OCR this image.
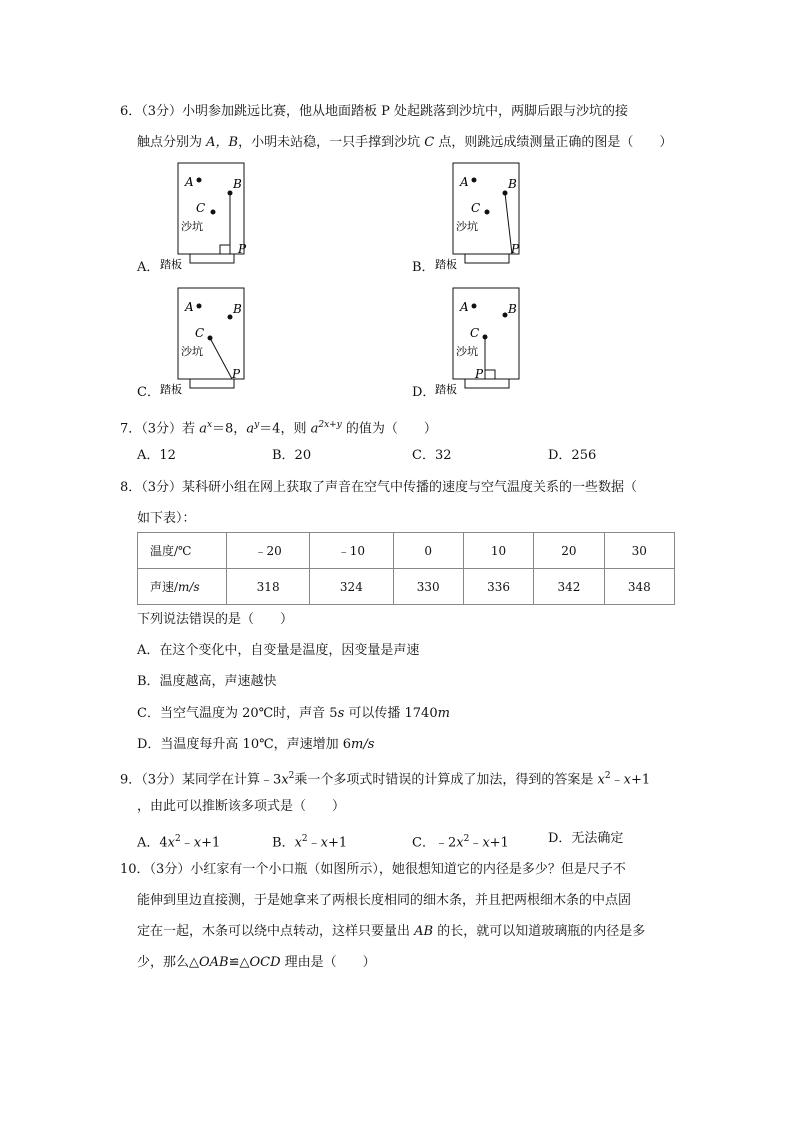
6．（3分）小明参加跳远比赛，他从地面踏板 P 处起跳落到沙坑中，两脚后跟与沙坑的接
触点分别为 A，B，小明未站稳，一只手撑到沙坑 C 点，则跳远成绩测量正确的图是（　　）
A．
A	B
C
沙坑
P
踏板	B．
A	B
C
沙坑
P
踏板
C．
A	B
C
沙坑
P
踏板	D．
A	B
C
沙坑
P
踏板
7．（3分）若 $a^x=8$，$a^y=4$，则 $a^{2x+y}$ 的值为（　　）
A．12	B．20	C．32	D．256
8．（3分）某科研小组在网上获取了声音在空气中传播的速度与空气温度关系的一些数据（
如下表）：
温度/℃	﹣20	﹣10	0	10	20	30
声速/m/s	318	324	330	336	342	348
下列说法错误的是（　　）
A．在这个变化中，自变量是温度，因变量是声速
B．温度越高，声速越快
C．当空气温度为 20℃时，声音 5s 可以传播 1740m
D．当温度每升高 10℃，声速增加 6m/s
9．（3分）某同学在计算$﹣3x^2$乘一个多项式时错误的计算成了加法，得到的答案是 $x^2﹣x+1$
，由此可以推断该多项式是（　　）
A．$4x^2﹣x+1$	B．$x^2﹣x+1$	C．$﹣2x^2﹣x+1$	D．无法确定
10．（3分）小红家有一个小口瓶（如图所示），她很想知道它的内径是多少？但是尺子不
能伸到里边直接测，于是她拿来了两根长度相同的细木条，并且把两根细木条的中点固
定在一起，木条可以绕中点转动，这样只要量出 AB 的长，就可以知道玻璃瓶的内径是多
少，那么△OAB≌△OCD 理由是（　　）
